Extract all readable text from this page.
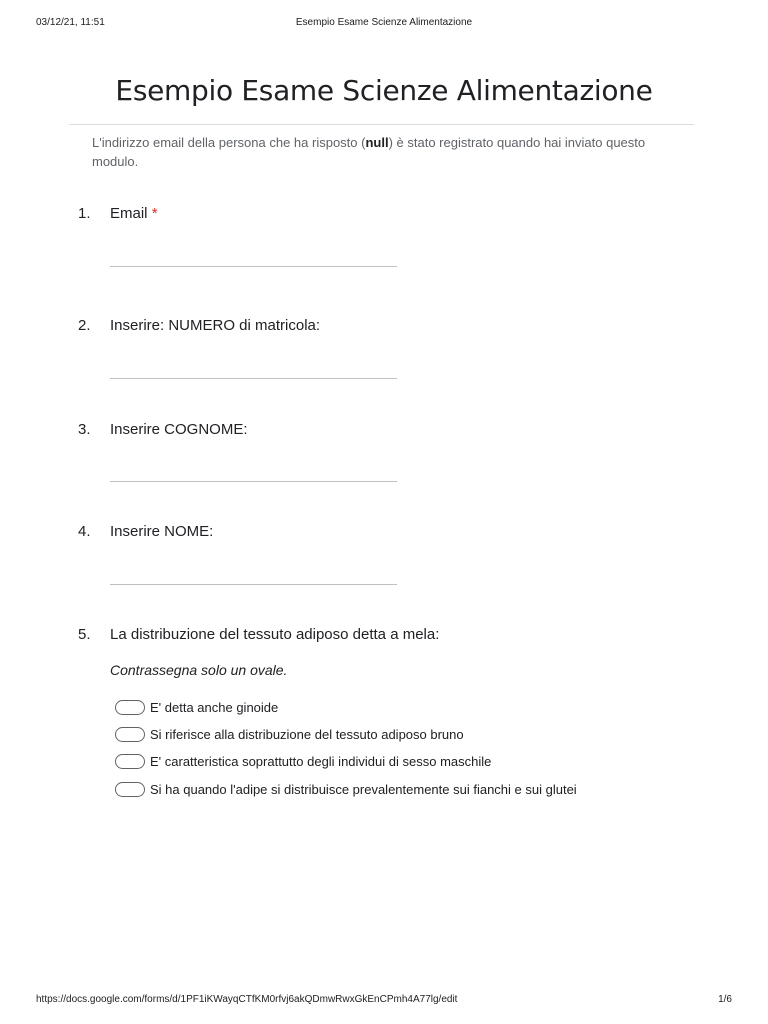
03/12/21, 11:51	Esempio Esame Scienze Alimentazione
Esempio Esame Scienze Alimentazione
L'indirizzo email della persona che ha risposto (null) è stato registrato quando hai inviato questo modulo.
1. Email *
2. Inserire: NUMERO di matricola:
3. Inserire COGNOME:
4. Inserire NOME:
5. La distribuzione del tessuto adiposo detta a mela:
Contrassegna solo un ovale.
E' detta anche ginoide
Si riferisce alla distribuzione del tessuto adiposo bruno
E' caratteristica soprattutto degli individui di sesso maschile
Si ha quando l'adipe si distribuisce prevalentemente sui fianchi e sui glutei
https://docs.google.com/forms/d/1PF1iKWayqCTfKM0rfvj6akQDmwRwxGkEnCPmh4A77lg/edit	1/6
